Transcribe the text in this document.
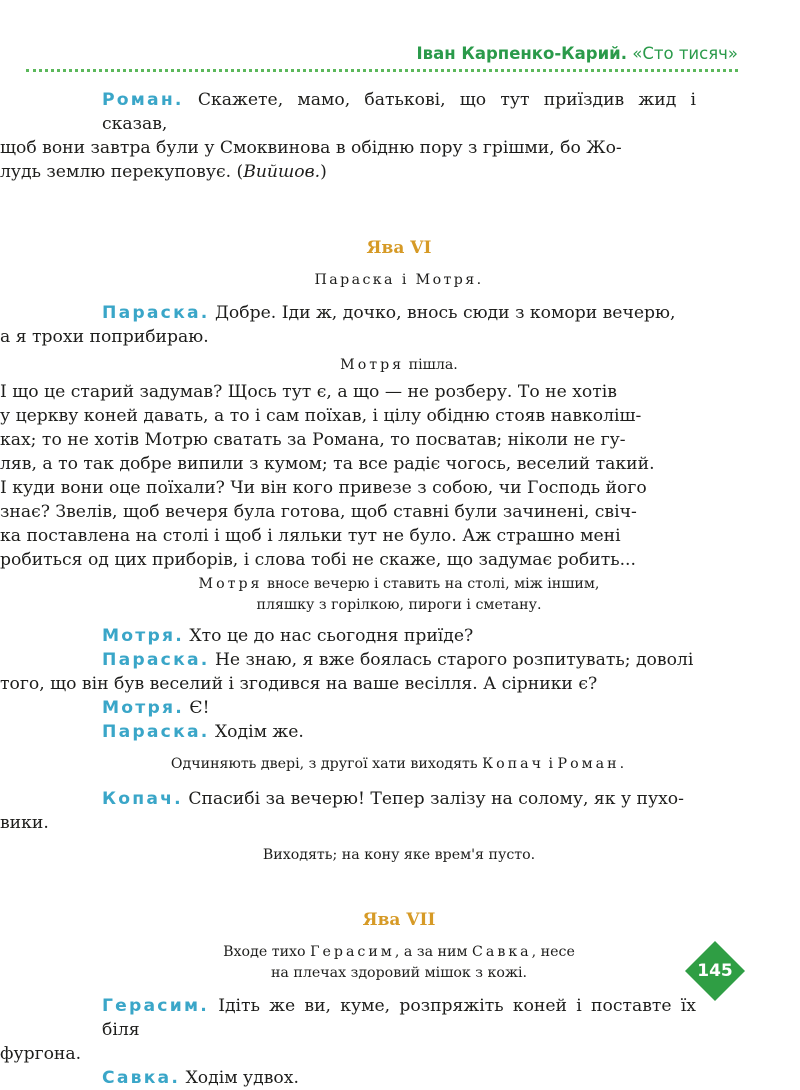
Іван Карпенко-Карий. «Сто тисяч»

Роман. Скажете, мамо, батькові, що тут приїздив жид і сказав,

щоб вони завтра були у Смоквинова в обідню пору з грішми, бо Жо-

лудь землю перекуповує. (Вийшов.)

Ява VI

Параска і Мотря.

Параска. Добре. Іди ж, дочко, внось сюди з комори вечерю,

а я трохи поприбираю.

Мотря пішла.

І що це старий задумав? Щось тут є, а що — не розберу. То не хотів

у церкву коней давать, а то і сам поїхав, і цілу обідню стояв навколіш-

ках; то не хотів Мотрю сватать за Романа, то посватав; ніколи не гу-

ляв, а то так добре випили з кумом; та все радіє чогось, веселий такий.

І куди вони оце поїхали? Чи він кого привезе з собою, чи Господь його

знає? Звелів, щоб вечеря була готова, щоб ставні були зачинені, свіч-

ка поставлена на столі і щоб і ляльки тут не було. Аж страшно мені

робиться од цих приборів, і слова тобі не скаже, що задумає робить...

Мотря вносе вечерю і ставить на столі, між іншим,

пляшку з горілкою, пироги і сметану.

Мотря. Хто це до нас сьогодня приїде?

Параска. Не знаю, я вже боялась старого розпитувать; доволі

того, що він був веселий і згодився на ваше весілля. А сірники є?

Мотря. Є!

Параска. Ходім же.

Одчиняють двері, з другої хати виходять Копач і Роман.

Копач. Спасибі за вечерю! Тепер залізу на солому, як у пухо-

вики.

Виходять; на кону яке врем'я пусто.

Ява VII

Входе тихо Герасим, а за ним Савка, несе

на плечах здоровий мішок з кожі.

Герасим. Ідіть же ви, куме, розпряжіть коней і поставте їх біля

фургона.

Савка. Ходім удвох.

145
